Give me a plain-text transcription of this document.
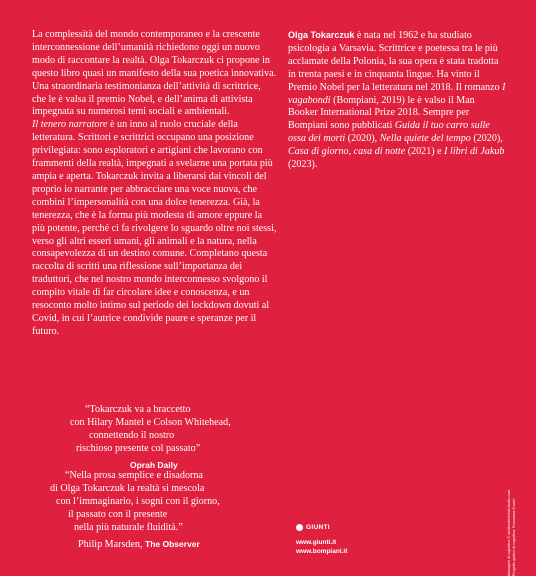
La complessità del mondo contemporaneo e la crescente interconnessione dell’umanità richiedono oggi un nuovo modo di raccontare la realtà. Olga Tokarczuk ci propone in questo libro quasi un manifesto della sua poetica innovativa. Una straordinaria testimonianza dell’attività di scrittrice, che le è valsa il premio Nobel, e dell’anima di attivista impegnata su numerosi temi sociali e ambientali.

Il tenero narratore è un inno al ruolo cruciale della letteratura. Scrittori e scrittrici occupano una posizione privilegiata: sono esploratori e artigiani che lavorano con frammenti della realtà, impegnati a svelarne una portata più ampia e aperta. Tokarczuk invita a liberarsi dai vincoli del proprio io narrante per abbracciare una voce nuova, che combini l’impersonalità con una dolce tenerezza. Già, la tenerezza, che è la forma più modesta di amore eppure la più potente, perché ci fa rivolgere lo sguardo oltre noi stessi, verso gli altri esseri umani, gli animali e la natura, nella consapevolezza di un destino comune. Completano questa raccolta di scritti una riflessione sull’importanza dei traduttori, che nel nostro mondo interconnesso svolgono il compito vitale di far circolare idee e conoscenza, e un resoconto molto intimo sul periodo dei lockdown dovuti al Covid, in cui l’autrice condivide paure e speranze per il futuro.

Olga Tokarczuk è nata nel 1962 e ha studiato psicologia a Varsavia. Scrittrice e poetessa tra le più acclamate della Polonia, la sua opera è stata tradotta in trenta paesi e in cinquanta lingue. Ha vinto il Premio Nobel per la letteratura nel 2018. Il romanzo I vagabondi (Bompiani, 2019) le è valso il Man Booker International Prize 2018. Sempre per Bompiani sono pubblicati Guida il tuo carro sulle ossa dei morti (2020), Nella quiete del tempo (2020), Casa di giorno, casa di notte (2021) e I libri di Jakub (2023).

“Tokarczuk va a braccetto
con Hilary Mantel e Colson Whitehead,
connettendo il nostro
rischioso presente col passato”
Oprah Daily
“Nella prosa semplice e disadorna
di Olga Tokarczuk la realtà si mescola
con l’immaginario, i sogni con il giorno,
il passato con il presente
nella più naturale fluidità.”
Philip Marsden, The Observer
GIUNTI
www.giunti.it
www.bompiani.it	Immagine di copertina © shutterstock/foto.blotto.com Progetto grafico di copertina: Francesca Zucchi
